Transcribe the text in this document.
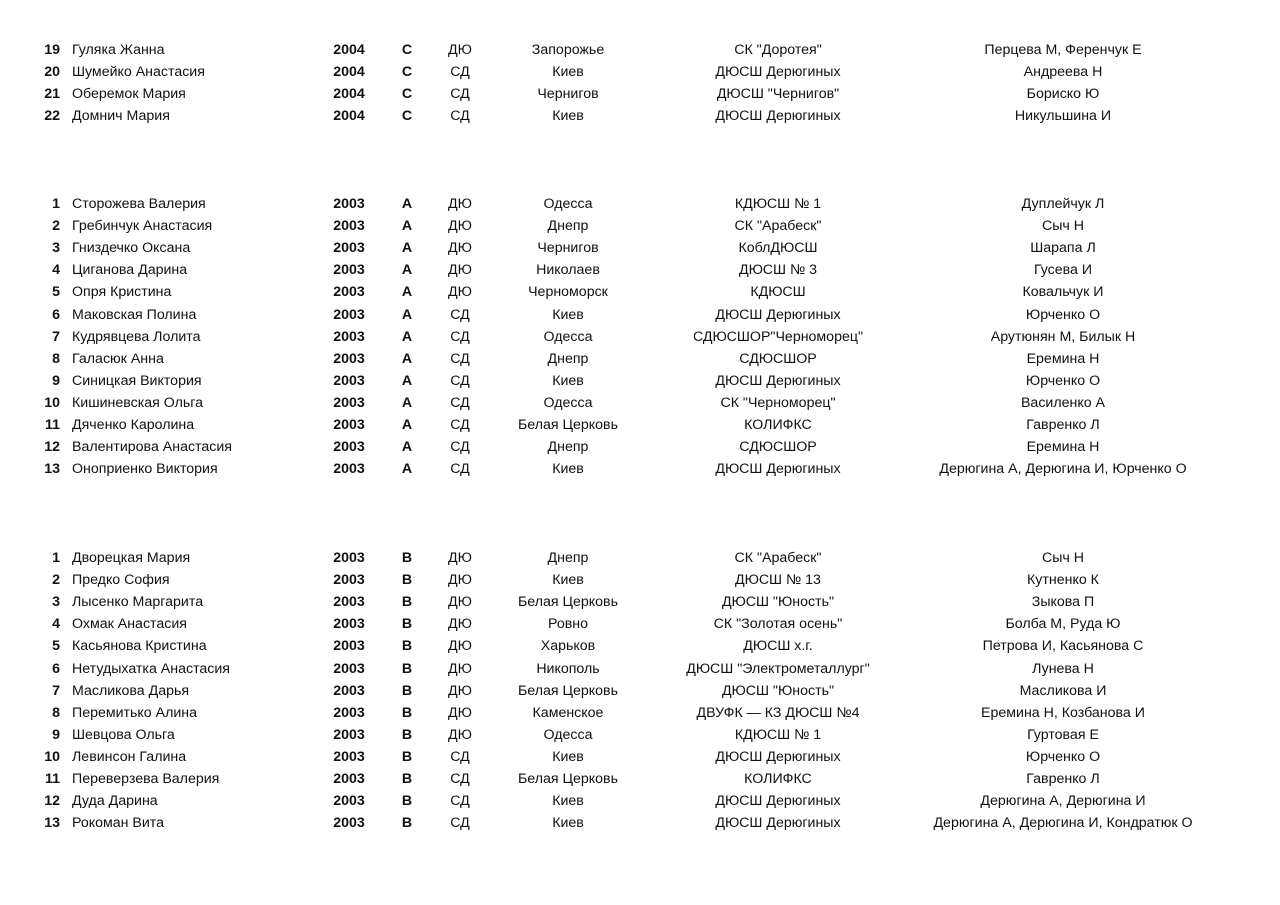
19 Гуляка Жанна	2004	C	ДЮ	Запорожье	СК "Доротея"	Перцева М, Ференчук Е
20 Шумейко Анастасия	2004	C	СД	Киев	ДЮСШ Дерюгиных	Андреева Н
21 Оберемок Мария	2004	C	СД	Чернигов	ДЮСШ "Чернигов"	Бориско Ю
22 Домнич Мария	2004	C	СД	Киев	ДЮСШ Дерюгиных	Никульшина И
1 Сторожева Валерия	2003	A	ДЮ	Одесса	КДЮСШ № 1	Дуплейчук Л
2 Гребинчук Анастасия	2003	A	ДЮ	Днепр	СК "Арабеск"	Сыч Н
3 Гниздечко Оксана	2003	A	ДЮ	Чернигов	КоблДЮСШ	Шарапа Л
4 Циганова Дарина	2003	A	ДЮ	Николаев	ДЮСШ № 3	Гусева И
5 Опря Кристина	2003	A	ДЮ	Черноморск	КДЮСШ	Ковальчук И
6 Маковская Полина	2003	A	СД	Киев	ДЮСШ Дерюгиных	Юрченко О
7 Кудрявцева Лолита	2003	A	СД	Одесса	СДЮСШОР"Черноморец"	Арутюнян М, Билык Н
8 Галасюк Анна	2003	A	СД	Днепр	СДЮСШОР	Еремина Н
9 Синицкая Виктория	2003	A	СД	Киев	ДЮСШ Дерюгиных	Юрченко О
10 Кишиневская Ольга	2003	A	СД	Одесса	СК "Черноморец"	Василенко А
11 Дяченко Каролина	2003	A	СД	Белая Церковь	КОЛИФКС	Гавренко Л
12 Валентирова Анастасия	2003	A	СД	Днепр	СДЮСШОР	Еремина Н
13 Оноприенко Виктория	2003	A	СД	Киев	ДЮСШ Дерюгиных	Дерюгина А, Дерюгина И, Юрченко О
1 Дворецкая Мария	2003	B	ДЮ	Днепр	СК "Арабеск"	Сыч Н
2 Предко София	2003	B	ДЮ	Киев	ДЮСШ № 13	Кутненко К
3 Лысенко Маргарита	2003	B	ДЮ	Белая Церковь	ДЮСШ "Юность"	Зыкова П
4 Охмак Анастасия	2003	B	ДЮ	Ровно	СК "Золотая осень"	Болба М, Руда Ю
5 Касьянова Кристина	2003	B	ДЮ	Харьков	ДЮСШ х.г.	Петрова И, Касьянова С
6 Нетудыхатка Анастасия	2003	B	ДЮ	Никополь	ДЮСШ "Электрометаллург"	Лунева Н
7 Масликова Дарья	2003	B	ДЮ	Белая Церковь	ДЮСШ "Юность"	Масликова И
8 Перемитько Алина	2003	B	ДЮ	Каменское	ДВУФК — КЗ ДЮСШ №4	Еремина Н, Козбанова И
9 Шевцова Ольга	2003	B	ДЮ	Одесса	КДЮСШ № 1	Гуртовая Е
10 Левинсон Галина	2003	B	СД	Киев	ДЮСШ Дерюгиных	Юрченко О
11 Переверзева Валерия	2003	B	СД	Белая Церковь	КОЛИФКС	Гавренко Л
12 Дуда Дарина	2003	B	СД	Киев	ДЮСШ Дерюгиных	Дерюгина А, Дерюгина И
13 Рокоман Вита	2003	B	СД	Киев	ДЮСШ Дерюгиных	Дерюгина А, Дерюгина И, Кондратюк О
